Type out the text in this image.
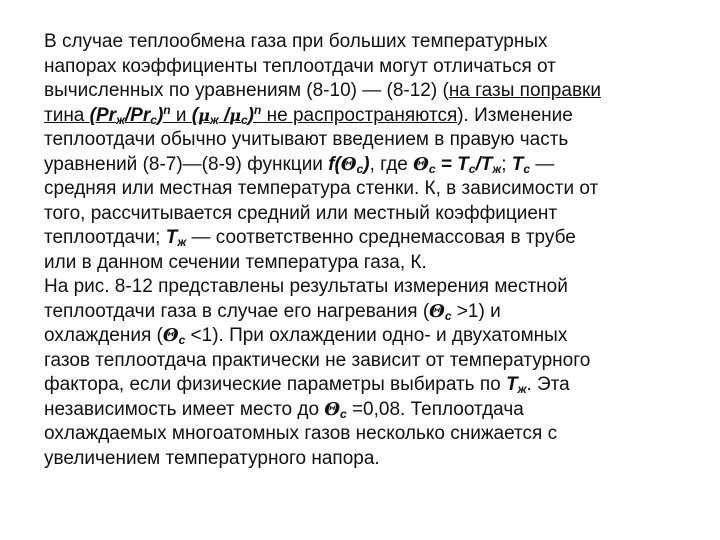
В случае теплообмена газа при больших температурных
напорах коэффициенты теплоотдачи могут отличаться от
вычисленных по уравнениям (8-10) — (8-12) (на газы поправки
тина $(Pr_ж/Pr_c)^n$ и ($\mu_ж$ $/\mu_c)^n$ не распространяются). Изменение
теплоотдачи обычно учитывают введением в правую часть
уравнений (8-7)—(8-9) функции $f(\Theta_c)$, где $\Theta_c = T_c/T_ж$; $T_c$ —
средняя или местная температура стенки. К, в зависимости от
того, рассчитывается средний или местный коэффициент
теплоотдачи; $T_ж$ — соответственно среднемассовая в трубе
или в данном сечении температура газа, К.
На рис. 8-12 представлены результаты измерения местной
теплоотдачи газа в случае его нагревания $(\Theta_c >1)$ и
охлаждения $(\Theta_c <1)$. При охлаждении одно- и двухатомных
газов теплоотдача практически не зависит от температурного
фактора, если физические параметры выбирать по $T_ж$. Эта
независимость имеет место до $\Theta_c =0,08$. Теплоотдача
охлаждаемых многоатомных газов несколько снижается с
увеличением температурного напора.
